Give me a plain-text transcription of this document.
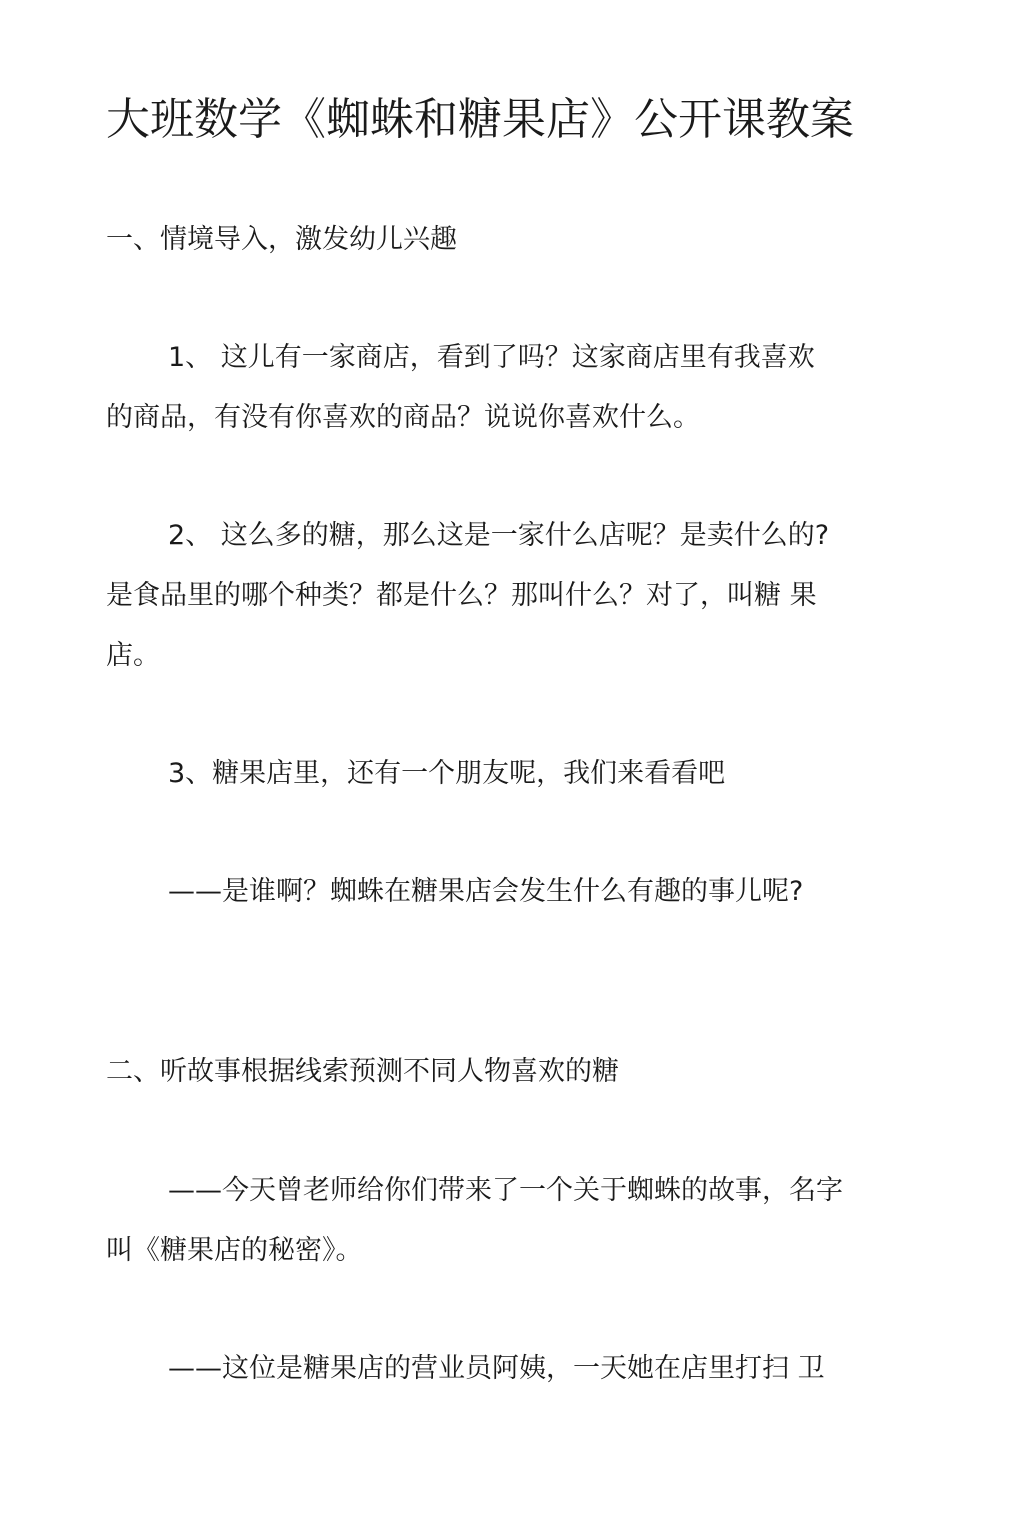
大班数学《蜘蛛和糖果店》公开课教案

一、情境导入，激发幼儿兴趣

1、 这儿有一家商店，看到了吗？这家商店里有我喜欢
的商品，有没有你喜欢的商品？说说你喜欢什么。
2、 这么多的糖，那么这是一家什么店呢？是卖什么的?
是食品里的哪个种类？都是什么？那叫什么？对了，叫糖 果
店。
3、糖果店里，还有一个朋友呢，我们来看看吧
——是谁啊？蜘蛛在糖果店会发生什么有趣的事儿呢?

二、听故事根据线索预测不同人物喜欢的糖

——今天曾老师给你们带来了一个关于蜘蛛的故事，名字
叫《糖果店的秘密》。
——这位是糖果店的营业员阿姨，一天她在店里打扫 卫
